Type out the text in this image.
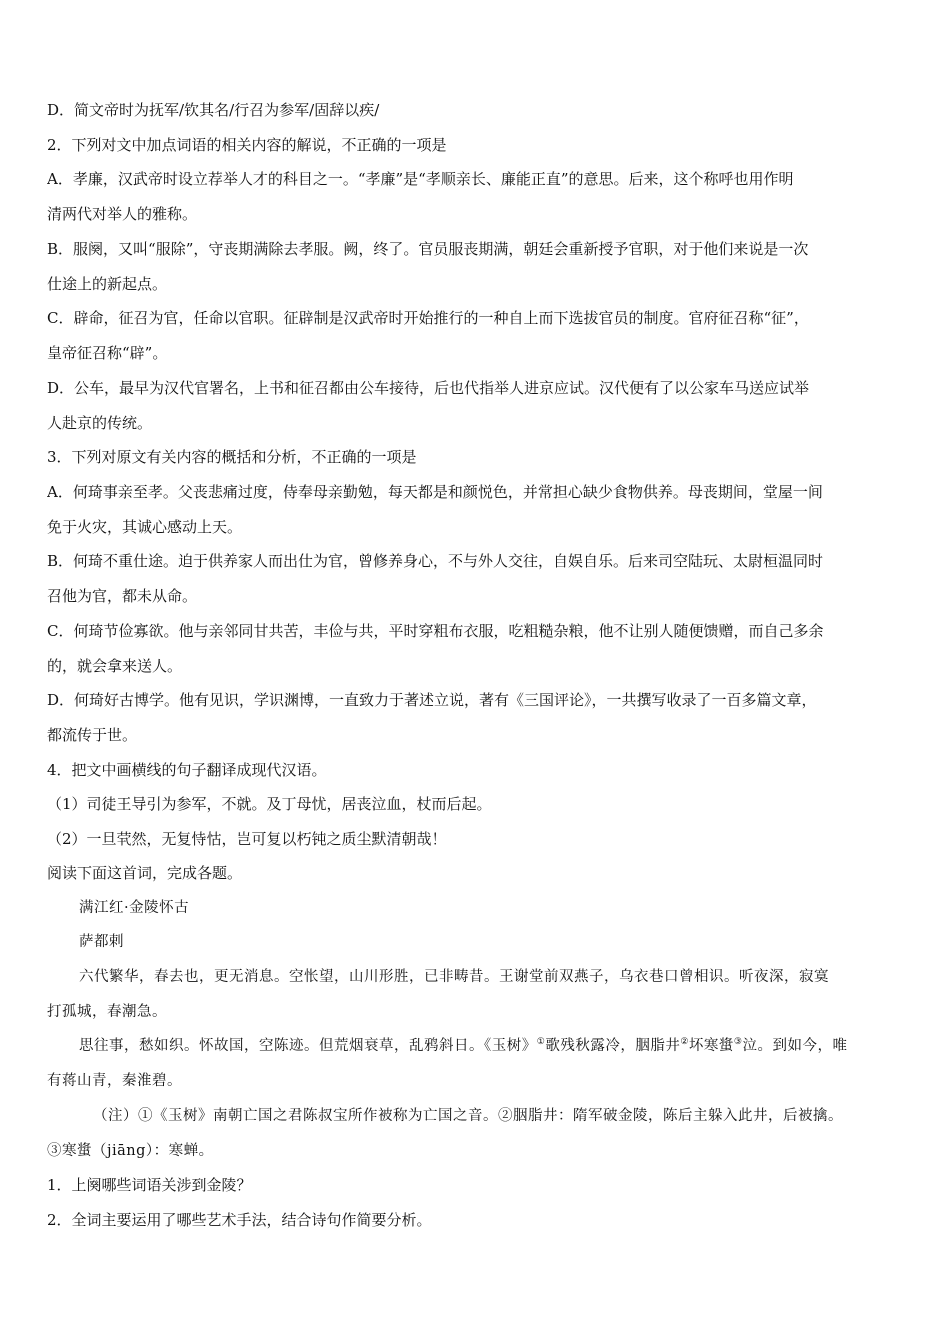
D．简文帝时为抚军/钦其名/行召为参军/固辞以疾/

2．下列对文中加点词语的相关内容的解说，不正确的一项是

A．孝廉，汉武帝时设立荐举人才的科目之一。“孝廉”是“孝顺亲长、廉能正直”的意思。后来，这个称呼也用作明

清两代对举人的雅称。

B．服阕，又叫“服除”，守丧期满除去孝服。阙，终了。官员服丧期满，朝廷会重新授予官职，对于他们来说是一次

仕途上的新起点。

C．辟命，征召为官，任命以官职。征辟制是汉武帝时开始推行的一种自上而下选拔官员的制度。官府征召称“征”，

皇帝征召称“辟”。

D．公车，最早为汉代官署名，上书和征召都由公车接待，后也代指举人进京应试。汉代便有了以公家车马送应试举

人赴京的传统。

3．下列对原文有关内容的概括和分析，不正确的一项是

A．何琦事亲至孝。父丧悲痛过度，侍奉母亲勤勉，每天都是和颜悦色，并常担心缺少食物供养。母丧期间，堂屋一间

免于火灾，其诚心感动上天。

B．何琦不重仕途。迫于供养家人而出仕为官，曾修养身心，不与外人交往，自娱自乐。后来司空陆玩、太尉桓温同时

召他为官，都未从命。

C．何琦节俭寡欲。他与亲邻同甘共苦，丰俭与共，平时穿粗布衣服，吃粗糙杂粮，他不让别人随便馈赠，而自己多余

的，就会拿来送人。

D．何琦好古博学。他有见识，学识渊博，一直致力于著述立说，著有《三国评论》，一共撰写收录了一百多篇文章，

都流传于世。

4．把文中画横线的句子翻译成现代汉语。

（1）司徒王导引为参军，不就。及丁母忧，居丧泣血，杖而后起。

（2）一旦茕然，无复恃怙，岂可复以朽钝之质尘默清朝哉！

阅读下面这首词，完成各题。

满江红·金陵怀古

萨都剌

六代繁华，春去也，更无消息。空怅望，山川形胜，已非畴昔。王谢堂前双燕子，乌衣巷口曾相识。听夜深，寂寞

打孤城，春潮急。

思往事，愁如织。怀故国，空陈迹。但荒烟衰草，乱鸦斜日。《玉树》①歌残秋露冷，胭脂井②坏寒螀③泣。到如今，唯

有蒋山青，秦淮碧。

（注）①《玉树》南朝亡国之君陈叔宝所作被称为亡国之音。②胭脂井：隋军破金陵，陈后主躲入此井，后被擒。

③寒螀（jiāng）：寒蝉。

1．上阕哪些词语关涉到金陵？

2．全词主要运用了哪些艺术手法，结合诗句作简要分析。
